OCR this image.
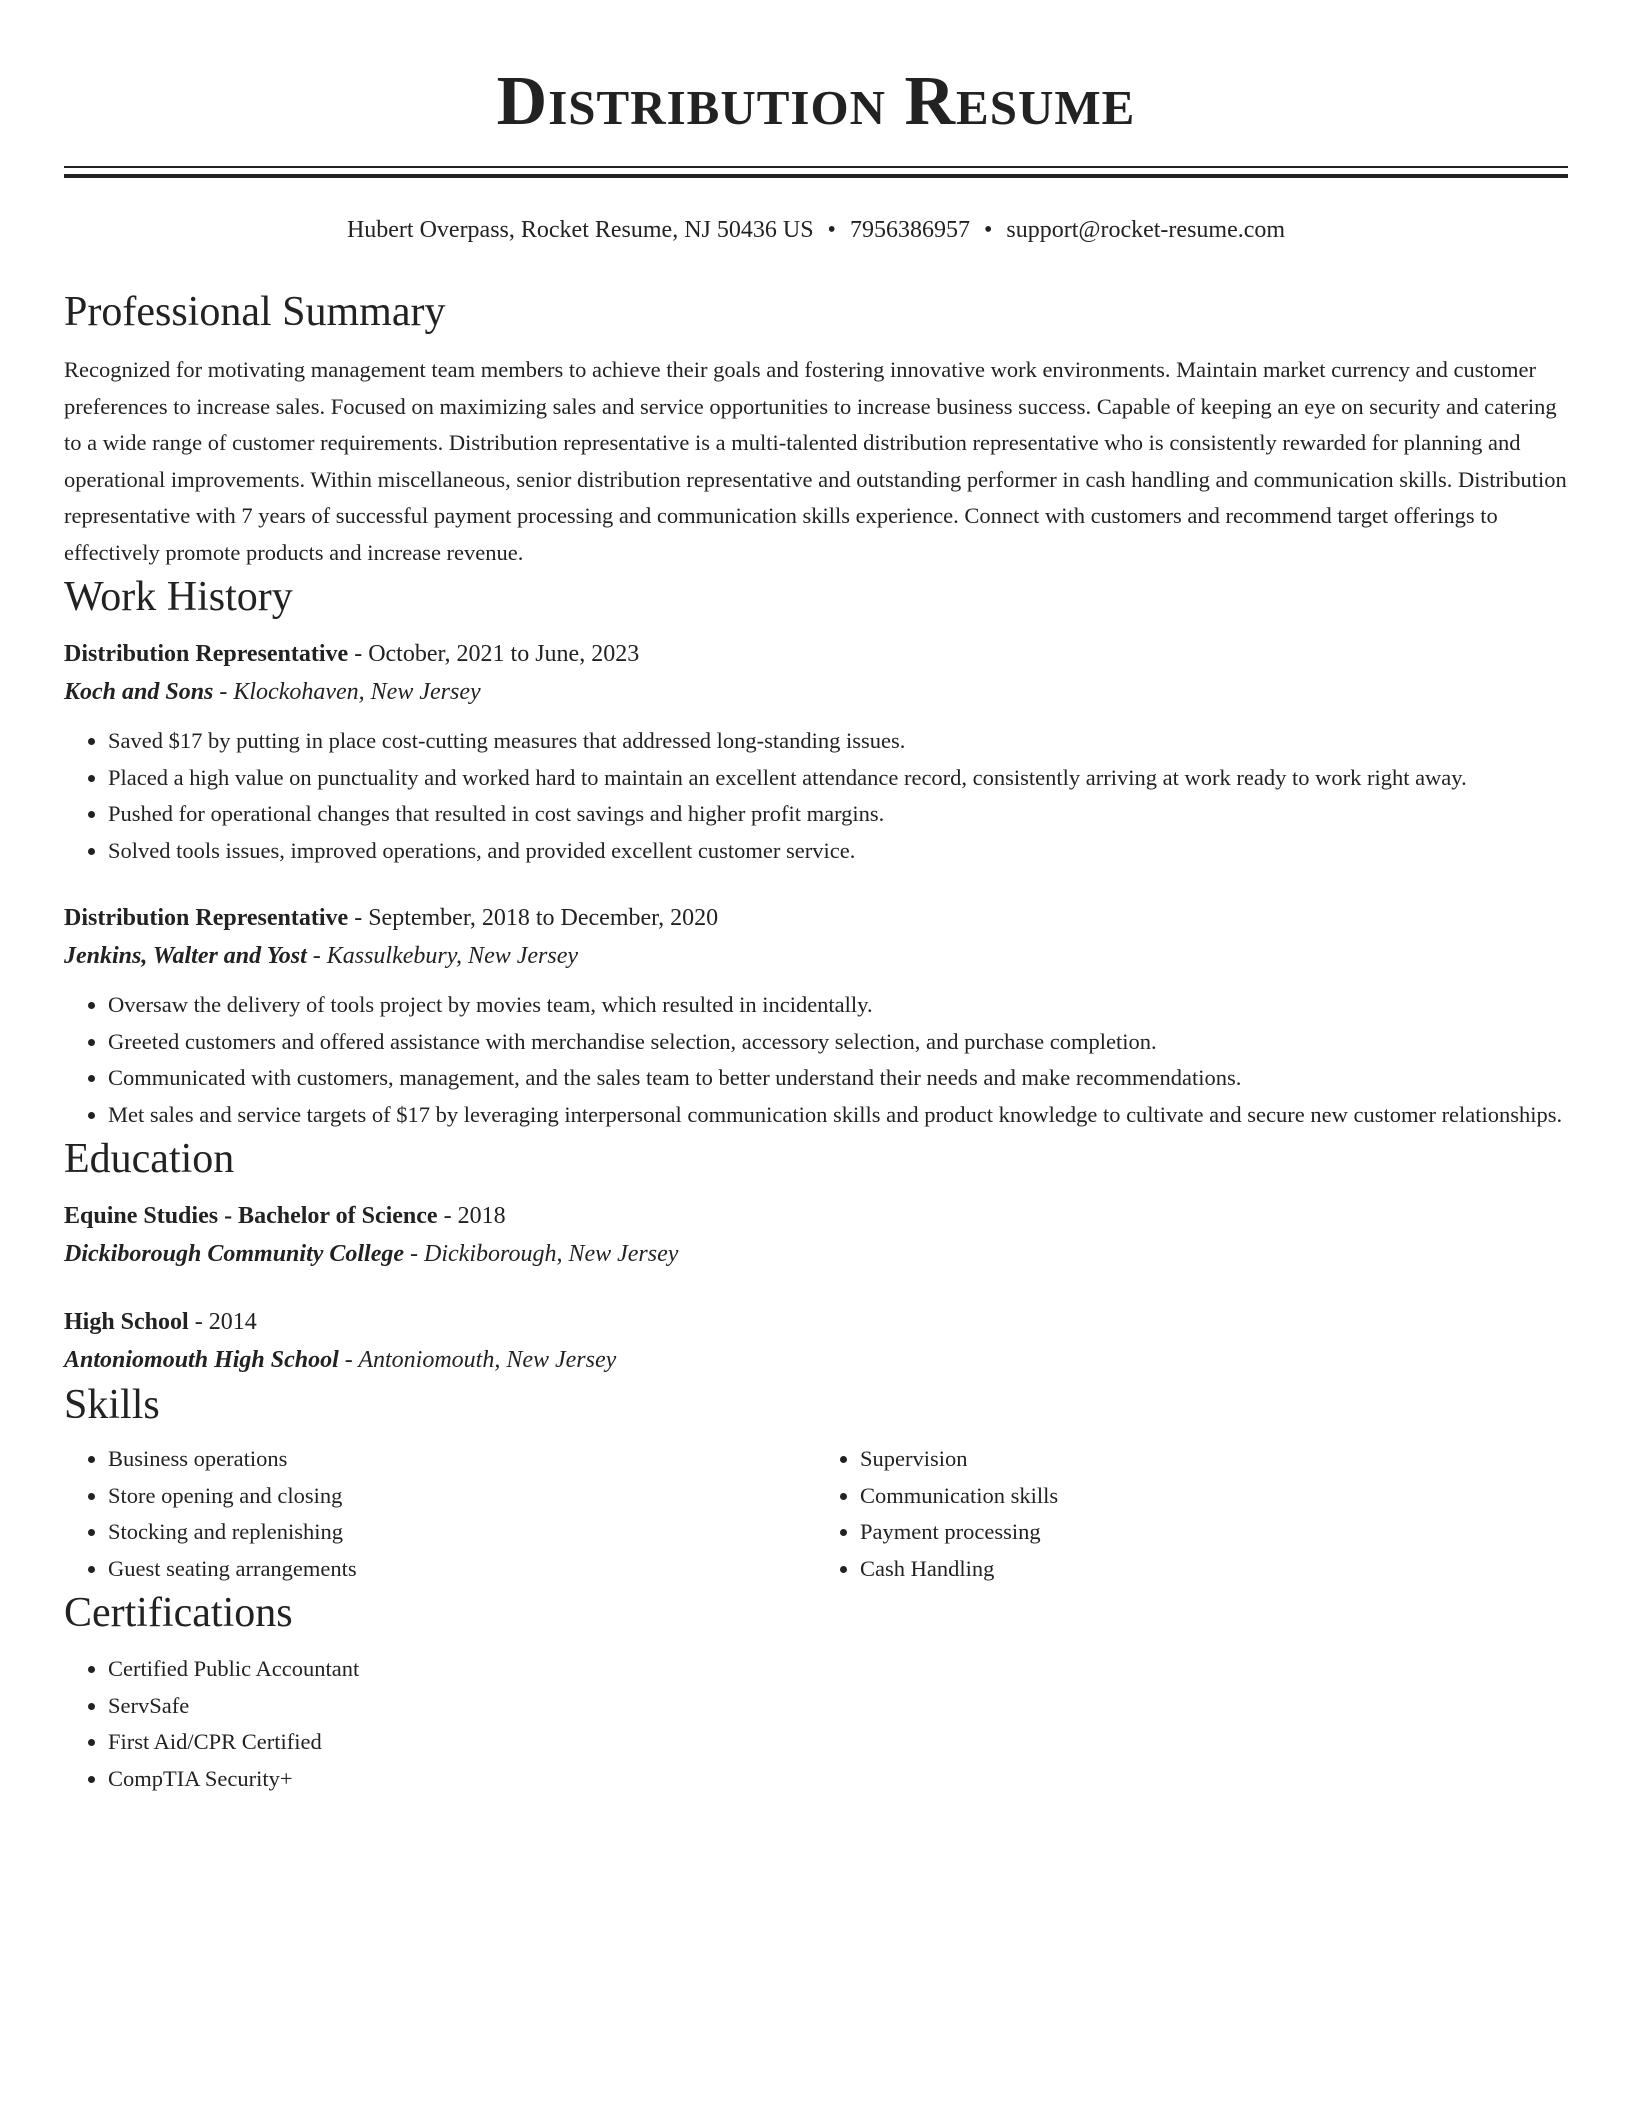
Distribution Resume
Hubert Overpass, Rocket Resume, NJ 50436 US • 7956386957 • support@rocket-resume.com
Professional Summary

Recognized for motivating management team members to achieve their goals and fostering innovative work environments. Maintain market currency and customer preferences to increase sales. Focused on maximizing sales and service opportunities to increase business success. Capable of keeping an eye on security and catering to a wide range of customer requirements. Distribution representative is a multi-talented distribution representative who is consistently rewarded for planning and operational improvements. Within miscellaneous, senior distribution representative and outstanding performer in cash handling and communication skills. Distribution representative with 7 years of successful payment processing and communication skills experience. Connect with customers and recommend target offerings to effectively promote products and increase revenue.

Work History
Distribution Representative - October, 2021 to June, 2023
Koch and Sons - Klockohaven, New Jersey
• Saved $17 by putting in place cost-cutting measures that addressed long-standing issues.
• Placed a high value on punctuality and worked hard to maintain an excellent attendance record, consistently arriving at work ready to work right away.
• Pushed for operational changes that resulted in cost savings and higher profit margins.
• Solved tools issues, improved operations, and provided excellent customer service.
Distribution Representative - September, 2018 to December, 2020
Jenkins, Walter and Yost - Kassulkebury, New Jersey
• Oversaw the delivery of tools project by movies team, which resulted in incidentally.
• Greeted customers and offered assistance with merchandise selection, accessory selection, and purchase completion.
• Communicated with customers, management, and the sales team to better understand their needs and make recommendations.
• Met sales and service targets of $17 by leveraging interpersonal communication skills and product knowledge to cultivate and secure new customer relationships.
Education
Equine Studies - Bachelor of Science - 2018
Dickiborough Community College - Dickiborough, New Jersey
High School - 2014
Antoniomouth High School - Antoniomouth, New Jersey
Skills
• Business operations
• Store opening and closing
• Stocking and replenishing
• Guest seating arrangements
• Supervision
• Communication skills
• Payment processing
• Cash Handling
Certifications
• Certified Public Accountant
• ServSafe
• First Aid/CPR Certified
• CompTIA Security+
